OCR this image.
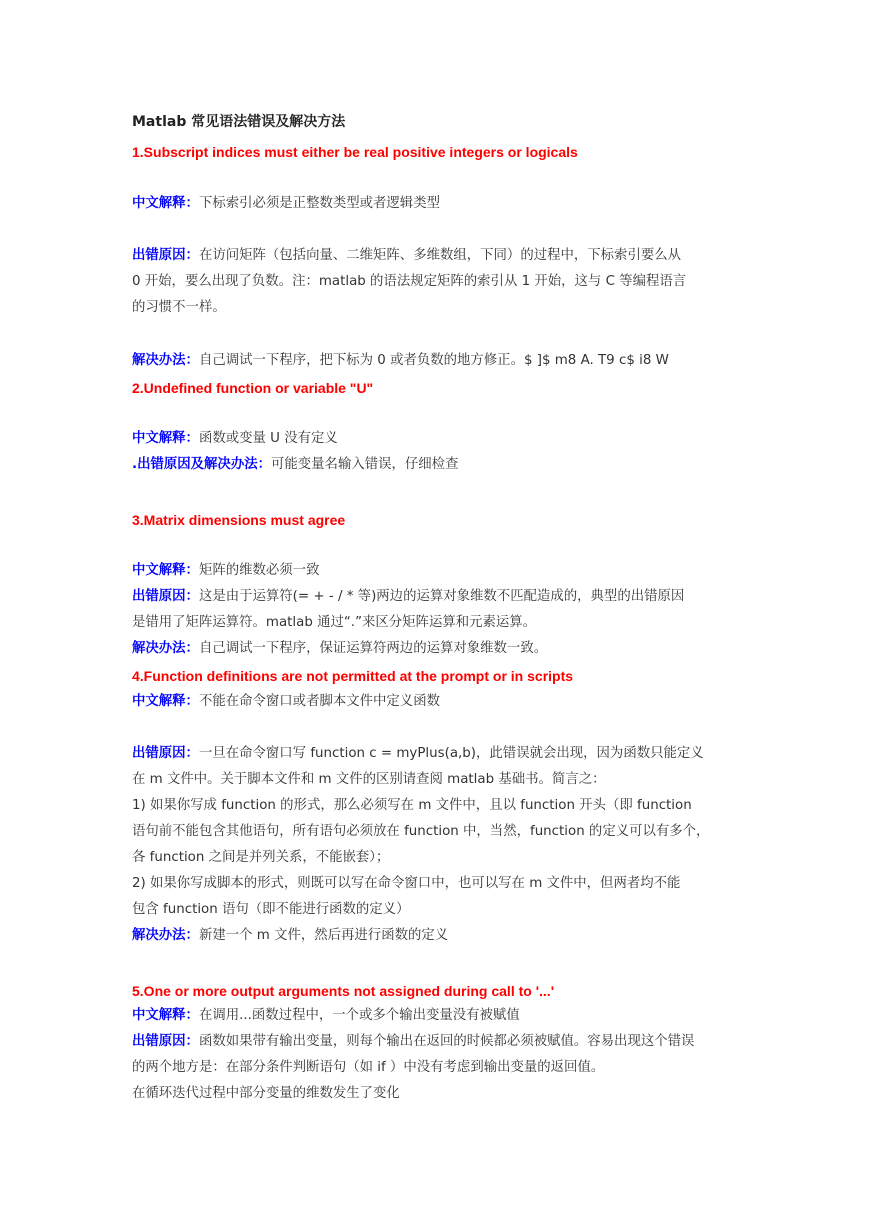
Matlab 常见语法错误及解决方法
1.Subscript indices must either be real positive integers or logicals
中文解释：下标索引必须是正整数类型或者逻辑类型
出错原因：在访问矩阵（包括向量、二维矩阵、多维数组，下同）的过程中，下标索引要么从
0 开始，要么出现了负数。注：matlab 的语法规定矩阵的索引从 1 开始，这与 C 等编程语言
的习惯不一样。
解决办法：自己调试一下程序，把下标为 0 或者负数的地方修正。$ ]$ m8 A. T9 c$ i8 W
2.Undefined function or variable "U"
中文解释：函数或变量 U 没有定义
.出错原因及解决办法：可能变量名输入错误，仔细检查
3.Matrix dimensions must agree
中文解释：矩阵的维数必须一致
出错原因：这是由于运算符(= + - / * 等)两边的运算对象维数不匹配造成的，典型的出错原因
是错用了矩阵运算符。matlab 通过“.”来区分矩阵运算和元素运算。
解决办法：自己调试一下程序，保证运算符两边的运算对象维数一致。
4.Function definitions are not permitted at the prompt or in scripts
中文解释：不能在命令窗口或者脚本文件中定义函数
出错原因：一旦在命令窗口写 function c = myPlus(a,b)，此错误就会出现，因为函数只能定义
在 m 文件中。关于脚本文件和 m 文件的区别请查阅 matlab 基础书。简言之：
1) 如果你写成 function 的形式，那么必须写在 m 文件中，且以 function 开头（即 function
语句前不能包含其他语句，所有语句必须放在 function 中，当然，function 的定义可以有多个，
各 function 之间是并列关系，不能嵌套）；
2) 如果你写成脚本的形式，则既可以写在命令窗口中，也可以写在 m 文件中，但两者均不能
包含 function 语句（即不能进行函数的定义）
解决办法：新建一个 m 文件，然后再进行函数的定义
5.One or more output arguments not assigned during call to '...'
中文解释：在调用...函数过程中，一个或多个输出变量没有被赋值
出错原因：函数如果带有输出变量，则每个输出在返回的时候都必须被赋值。容易出现这个错误
的两个地方是：在部分条件判断语句（如 if ）中没有考虑到输出变量的返回值。
在循环迭代过程中部分变量的维数发生了变化
